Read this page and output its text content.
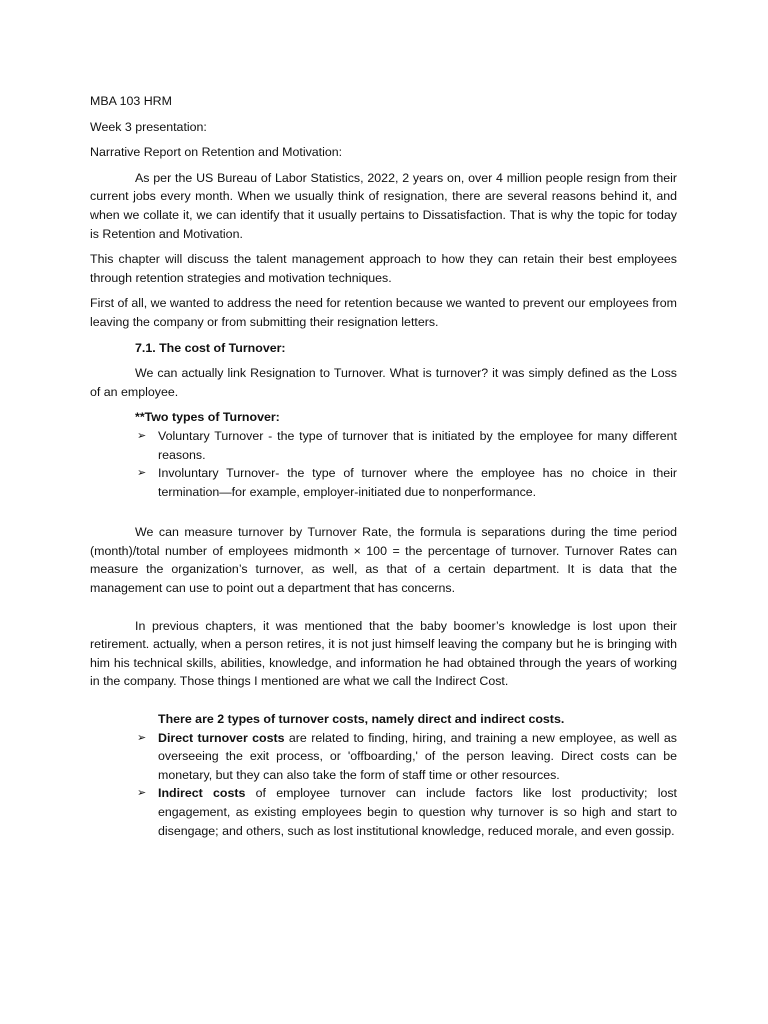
MBA 103 HRM

Week 3 presentation:

Narrative Report on Retention and Motivation:

As per the US Bureau of Labor Statistics, 2022, 2 years on, over 4 million people resign from their current jobs every month. When we usually think of resignation, there are several reasons behind it, and when we collate it, we can identify that it usually pertains to Dissatisfaction. That is why the topic for today is Retention and Motivation.

This chapter will discuss the talent management approach to how they can retain their best employees through retention strategies and motivation techniques.

First of all, we wanted to address the need for retention because we wanted to prevent our employees from leaving the company or from submitting their resignation letters.

7.1. The cost of Turnover:

We can actually link Resignation to Turnover. What is turnover? it was simply defined as the Loss of an employee.

**Two types of Turnover:

➢ Voluntary Turnover - the type of turnover that is initiated by the employee for many different reasons.
➢ Involuntary Turnover- the type of turnover where the employee has no choice in their termination—for example, employer-initiated due to nonperformance.

We can measure turnover by Turnover Rate, the formula is separations during the time period (month)/total number of employees midmonth × 100 = the percentage of turnover. Turnover Rates can measure the organization’s turnover, as well, as that of a certain department. It is data that the management can use to point out a department that has concerns.

In previous chapters, it was mentioned that the baby boomer’s knowledge is lost upon their retirement. actually, when a person retires, it is not just himself leaving the company but he is bringing with him his technical skills, abilities, knowledge, and information he had obtained through the years of working in the company. Those things I mentioned are what we call the Indirect Cost.

There are 2 types of turnover costs, namely direct and indirect costs.

➢ Direct turnover costs are related to finding, hiring, and training a new employee, as well as overseeing the exit process, or 'offboarding,' of the person leaving. Direct costs can be monetary, but they can also take the form of staff time or other resources.
➢ Indirect costs of employee turnover can include factors like lost productivity; lost engagement, as existing employees begin to question why turnover is so high and start to disengage; and others, such as lost institutional knowledge, reduced morale, and even gossip.
